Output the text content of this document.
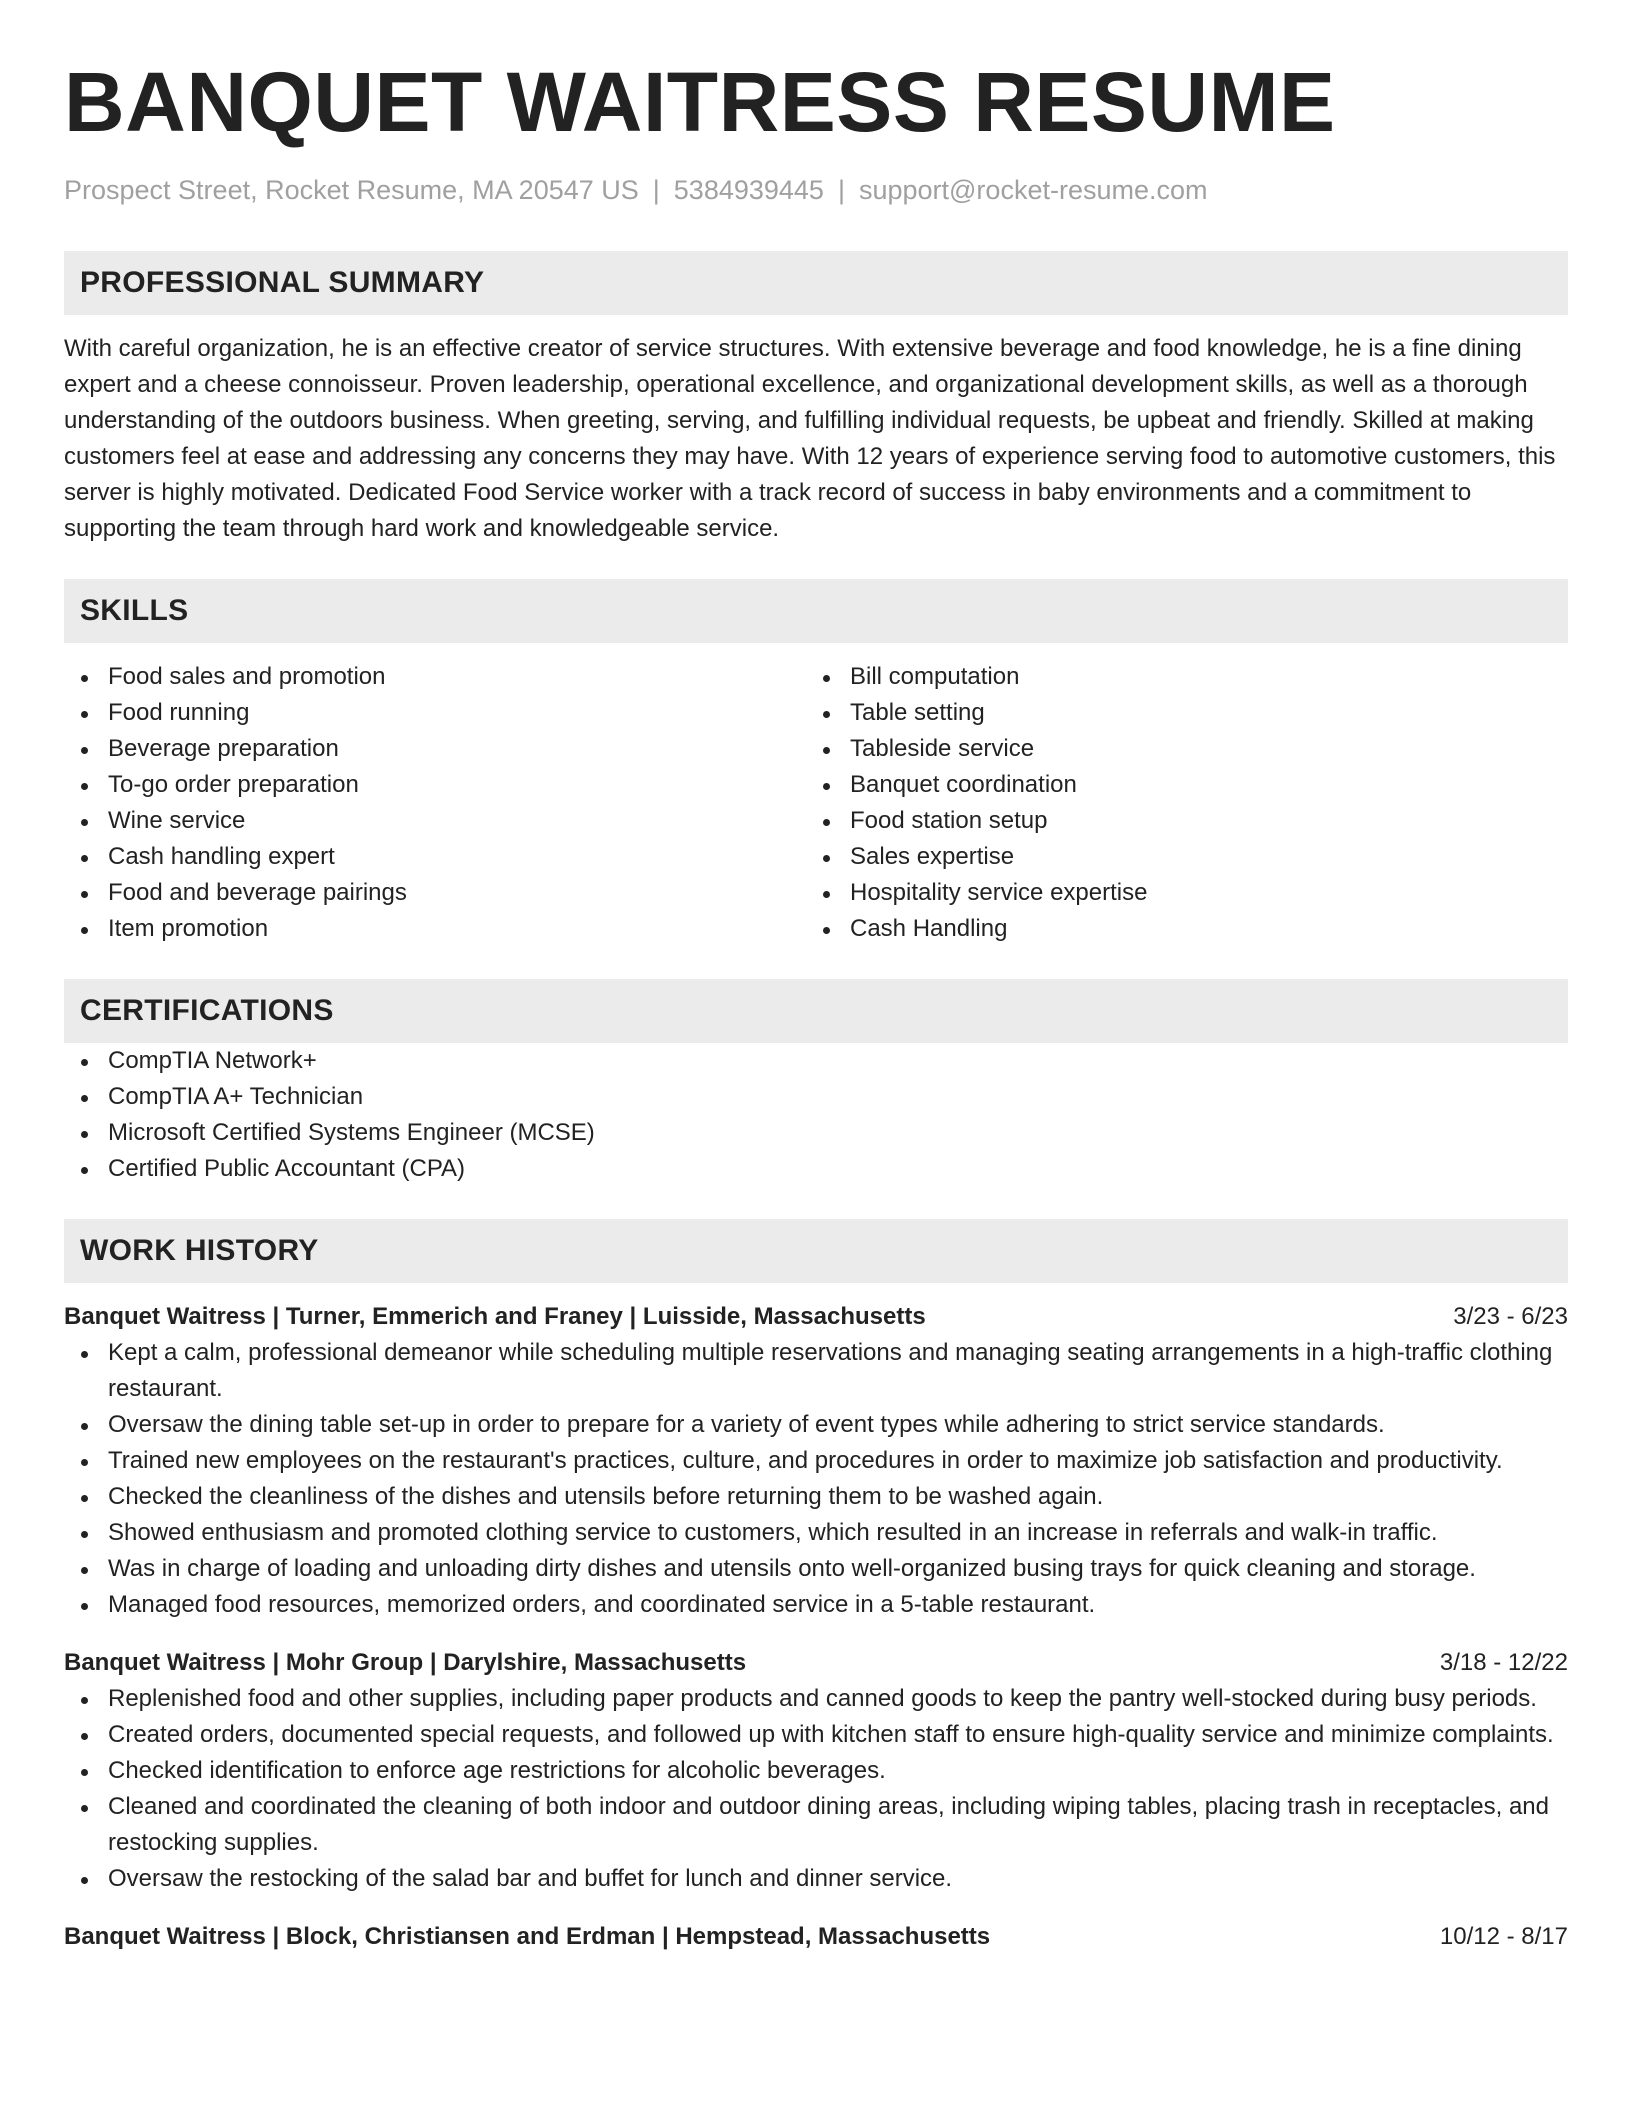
BANQUET WAITRESS RESUME
Prospect Street, Rocket Resume, MA 20547 US | 5384939445 | support@rocket-resume.com
PROFESSIONAL SUMMARY
With careful organization, he is an effective creator of service structures. With extensive beverage and food knowledge, he is a fine dining expert and a cheese connoisseur. Proven leadership, operational excellence, and organizational development skills, as well as a thorough understanding of the outdoors business. When greeting, serving, and fulfilling individual requests, be upbeat and friendly. Skilled at making customers feel at ease and addressing any concerns they may have. With 12 years of experience serving food to automotive customers, this server is highly motivated. Dedicated Food Service worker with a track record of success in baby environments and a commitment to supporting the team through hard work and knowledgeable service.
SKILLS
Food sales and promotion
Food running
Beverage preparation
To-go order preparation
Wine service
Cash handling expert
Food and beverage pairings
Item promotion
Bill computation
Table setting
Tableside service
Banquet coordination
Food station setup
Sales expertise
Hospitality service expertise
Cash Handling
CERTIFICATIONS
CompTIA Network+
CompTIA A+ Technician
Microsoft Certified Systems Engineer (MCSE)
Certified Public Accountant (CPA)
WORK HISTORY
Banquet Waitress | Turner, Emmerich and Franey | Luisside, Massachusetts	3/23 - 6/23
Kept a calm, professional demeanor while scheduling multiple reservations and managing seating arrangements in a high-traffic clothing restaurant.
Oversaw the dining table set-up in order to prepare for a variety of event types while adhering to strict service standards.
Trained new employees on the restaurant's practices, culture, and procedures in order to maximize job satisfaction and productivity.
Checked the cleanliness of the dishes and utensils before returning them to be washed again.
Showed enthusiasm and promoted clothing service to customers, which resulted in an increase in referrals and walk-in traffic.
Was in charge of loading and unloading dirty dishes and utensils onto well-organized busing trays for quick cleaning and storage.
Managed food resources, memorized orders, and coordinated service in a 5-table restaurant.
Banquet Waitress | Mohr Group | Darylshire, Massachusetts	3/18 - 12/22
Replenished food and other supplies, including paper products and canned goods to keep the pantry well-stocked during busy periods.
Created orders, documented special requests, and followed up with kitchen staff to ensure high-quality service and minimize complaints.
Checked identification to enforce age restrictions for alcoholic beverages.
Cleaned and coordinated the cleaning of both indoor and outdoor dining areas, including wiping tables, placing trash in receptacles, and restocking supplies.
Oversaw the restocking of the salad bar and buffet for lunch and dinner service.
Banquet Waitress | Block, Christiansen and Erdman | Hempstead, Massachusetts	10/12 - 8/17
